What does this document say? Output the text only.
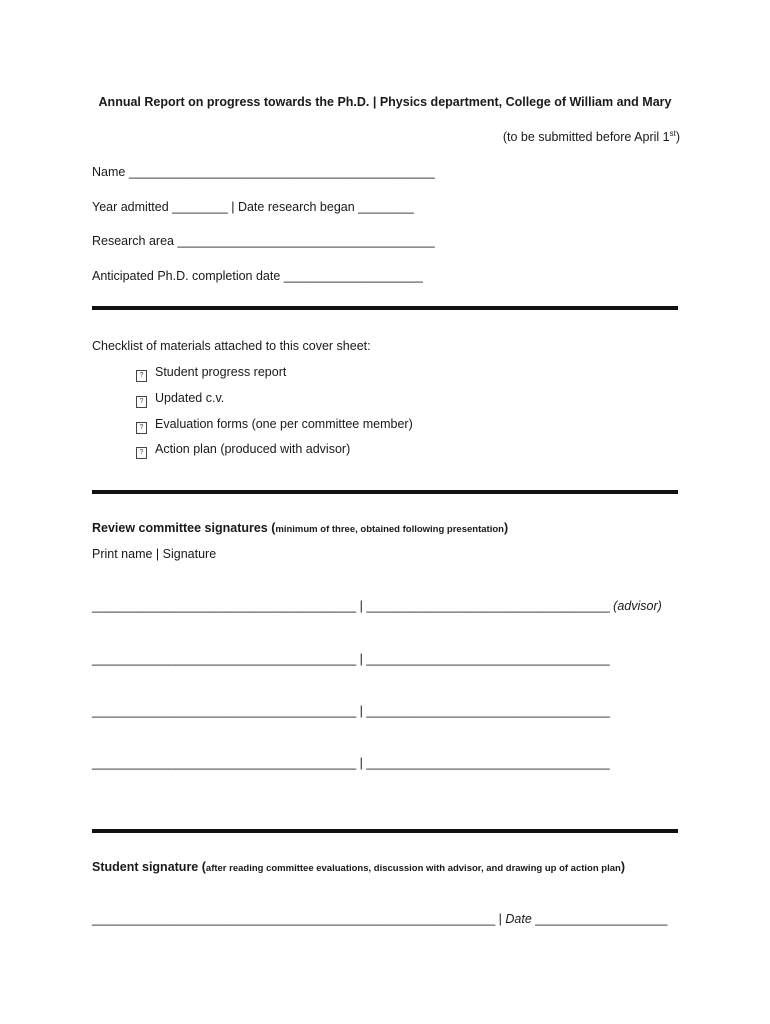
Annual Report on progress towards the Ph.D. | Physics department, College of William and Mary
(to be submitted before April 1st)
Name ____________________________________________
Year admitted ________ | Date research began ________
Research area _____________________________________
Anticipated Ph.D. completion date ____________________
Checklist of materials attached to this cover sheet:
? Student progress report
? Updated c.v.
? Evaluation forms (one per committee member)
? Action plan (produced with advisor)
Review committee signatures (minimum of three, obtained following presentation)
Print name | Signature
______________________________________ | ___________________________________ (advisor)
______________________________________ | ___________________________________
______________________________________ | ___________________________________
______________________________________ | ___________________________________
Student signature (after reading committee evaluations, discussion with advisor, and drawing up of action plan)
__________________________________________________________ | Date ___________________
